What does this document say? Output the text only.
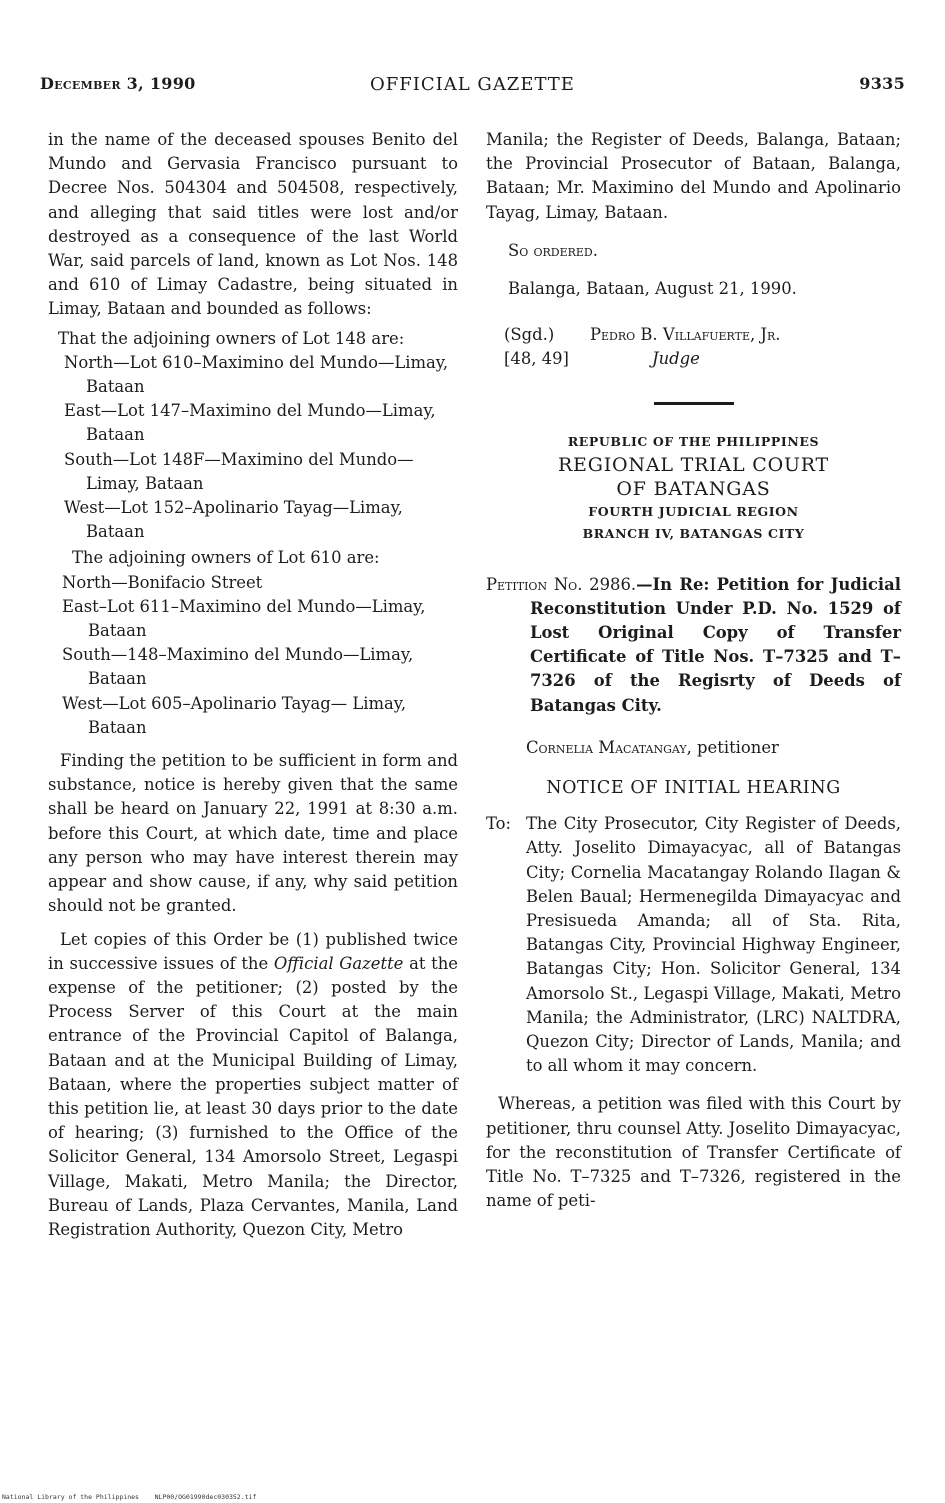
December 3, 1990	OFFICIAL GAZETTE	9335

in the name of the deceased spouses Benito del Mundo and Gervasia Francisco pursuant to Decree Nos. 504304 and 504508, respectively, and alleging that said titles were lost and/or destroyed as a consequence of the last World War, said parcels of land, known as Lot Nos. 148 and 610 of Limay Cadastre, being situated in Limay, Bataan and bounded as follows:

That the adjoining owners of Lot 148 are:

North—Lot 610–Maximino del Mundo—Limay, Bataan

East—Lot 147–Maximino del Mundo—Limay, Bataan

South—Lot 148F—Maximino del Mundo—Limay, Bataan

West—Lot 152–Apolinario Tayag—Limay, Bataan

The adjoining owners of Lot 610 are:

North—Bonifacio Street

East–Lot 611–Maximino del Mundo—Limay, Bataan

South—148–Maximino del Mundo—Limay, Bataan

West—Lot 605–Apolinario Tayag— Limay, Bataan

Finding the petition to be sufficient in form and substance, notice is hereby given that the same shall be heard on January 22, 1991 at 8:30 a.m. before this Court, at which date, time and place any person who may have interest therein may appear and show cause, if any, why said petition should not be granted.

Let copies of this Order be (1) published twice in successive issues of the Official Gazette at the expense of the petitioner; (2) posted by the Process Server of this Court at the main entrance of the Provincial Capitol of Balanga, Bataan and at the Municipal Building of Limay, Bataan, where the properties subject matter of this petition lie, at least 30 days prior to the date of hearing; (3) furnished to the Office of the Solicitor General, 134 Amorsolo Street, Legaspi Village, Makati, Metro Manila; the Director, Bureau of Lands, Plaza Cervantes, Manila, Land Registration Authority, Quezon City, Metro

Manila; the Register of Deeds, Balanga, Bataan; the Provincial Prosecutor of Bataan, Balanga, Bataan; Mr. Maximino del Mundo and Apolinario Tayag, Limay, Bataan.

So ordered.

Balanga, Bataan, August 21, 1990.

(Sgd.)	Pedro B. Villafuerte, Jr.
[48, 49]	Judge
REPUBLIC OF THE PHILIPPINES
REGIONAL TRIAL COURT
OF BATANGAS
FOURTH JUDICIAL REGION
BRANCH IV, BATANGAS CITY

Petition No. 2986.—In Re: Petition for Judicial Reconstitution Under P.D. No. 1529 of Lost Original Copy of Transfer Certificate of Title Nos. T–7325 and T–7326 of the Regisrty of Deeds of Batangas City.

Cornelia Macatangay, petitioner

NOTICE OF INITIAL HEARING

To: The City Prosecutor, City Register of Deeds, Atty. Joselito Dimayacyac, all of Batangas City; Cornelia Macatangay Rolando Ilagan & Belen Baual; Hermenegilda Dimayacyac and Presisueda Amanda; all of Sta. Rita, Batangas City, Provincial Highway Engineer, Batangas City; Hon. Solicitor General, 134 Amorsolo St., Legaspi Village, Makati, Metro Manila; the Administrator, (LRC) NALTDRA, Quezon City; Director of Lands, Manila; and to all whom it may concern.

Whereas, a petition was filed with this Court by petitioner, thru counsel Atty. Joselito Dimayacyac, for the reconstitution of Transfer Certificate of Title No. T–7325 and T–7326, registered in the name of peti-

National Library of the Philippines NLP00/OG01990dec030352.tif
